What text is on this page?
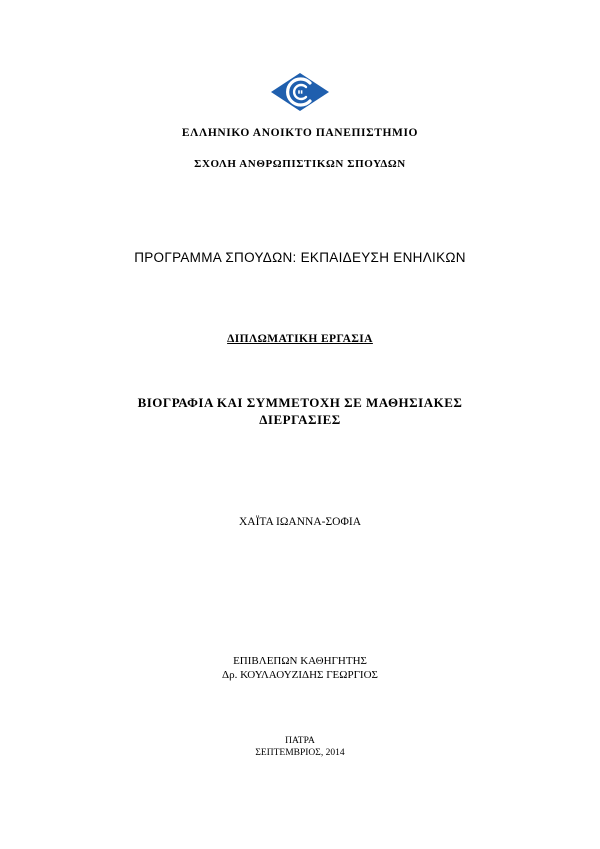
ΕΛΛΗΝΙΚΟ ΑΝΟΙΚΤΟ ΠΑΝΕΠΙΣΤΗΜΙΟ
ΣΧΟΛΗ ΑΝΘΡΩΠΙΣΤΙΚΩΝ ΣΠΟΥΔΩΝ
ΠΡΟΓΡΑΜΜΑ ΣΠΟΥΔΩΝ: ΕΚΠΑΙΔΕΥΣΗ ΕΝΗΛΙΚΩΝ
ΔΙΠΛΩΜΑΤΙΚΗ ΕΡΓΑΣΙΑ
ΒΙΟΓΡΑΦΙΑ ΚΑΙ ΣΥΜΜΕΤΟΧΗ ΣΕ ΜΑΘΗΣΙΑΚΕΣ
ΔΙΕΡΓΑΣΙΕΣ
ΧΑΪΤΑ ΙΩΑΝΝΑ-ΣΟΦΙΑ
ΕΠΙΒΛΕΠΩΝ ΚΑΘΗΓΗΤΗΣ
Δρ. ΚΟΥΛΑΟΥΖΙΔΗΣ ΓΕΩΡΓΙΟΣ
ΠΑΤΡΑ
ΣΕΠΤΕΜΒΡΙΟΣ, 2014
